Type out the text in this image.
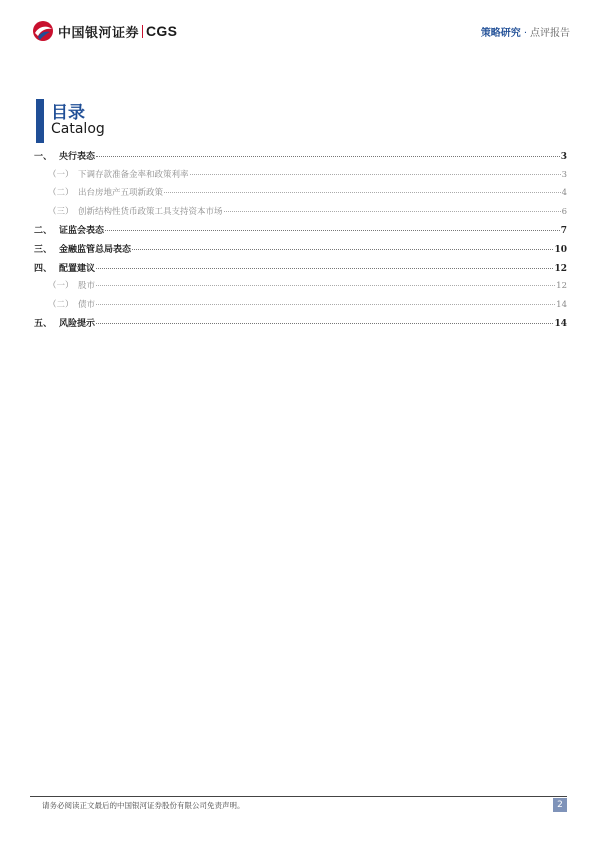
中国银河证券 CGS	策略研究 · 点评报告
目录
Catalog
一、 央行表态	3
（一） 下调存款准备金率和政策利率	3
（二） 出台房地产五项新政策	4
（三） 创新结构性货币政策工具支持资本市场	6
二、 证监会表态	7
三、 金融监管总局表态	10
四、 配置建议	12
（一） 股市	12
（二） 债市	14
五、 风险提示	14
请务必阅读正文最后的中国银河证券股份有限公司免责声明。	2
